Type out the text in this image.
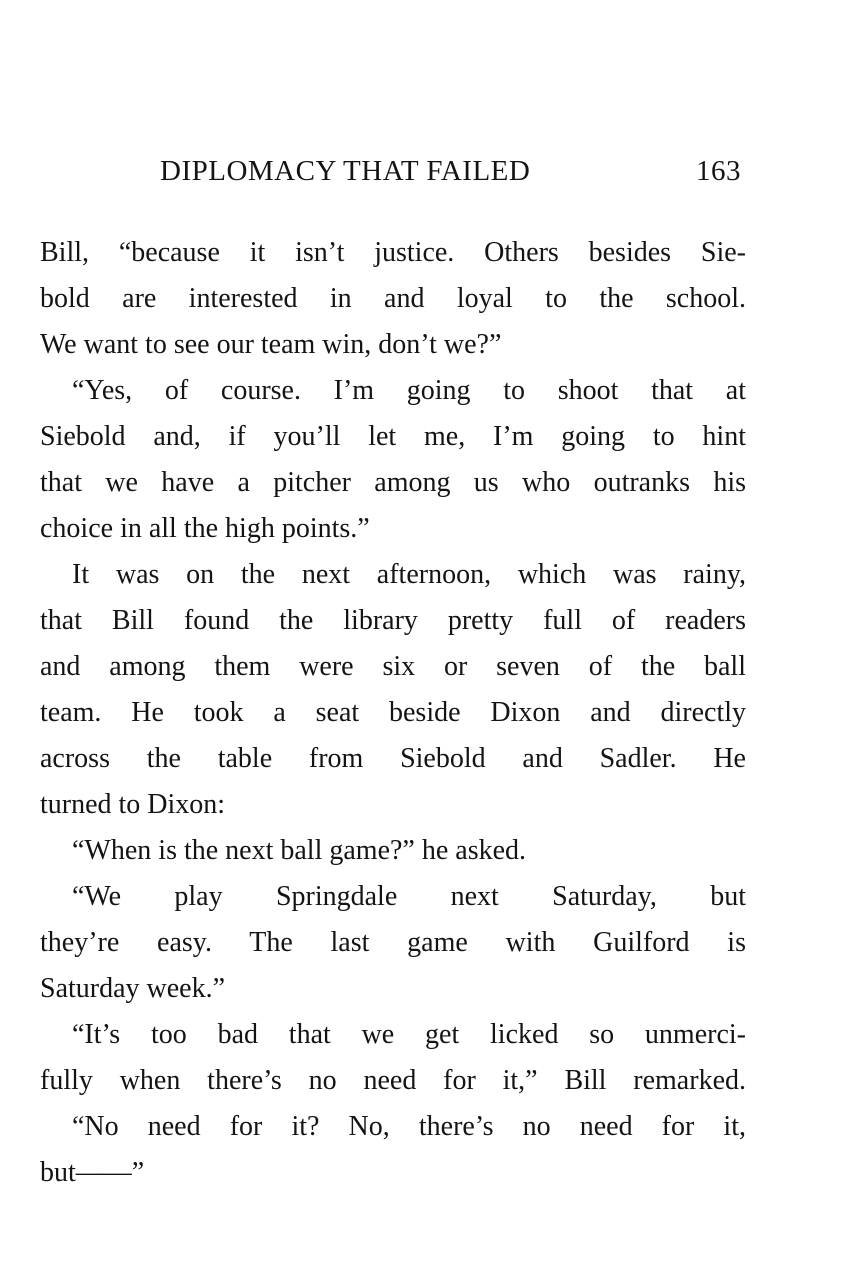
DIPLOMACY THAT FAILED	163
Bill, “because it isn’t justice. Others besides Sie-
bold are interested in and loyal to the school.
We want to see our team win, don’t we?”
“Yes, of course. I’m going to shoot that at
Siebold and, if you’ll let me, I’m going to hint
that we have a pitcher among us who outranks his
choice in all the high points.”
It was on the next afternoon, which was rainy,
that Bill found the library pretty full of readers
and among them were six or seven of the ball
team. He took a seat beside Dixon and directly
across the table from Siebold and Sadler. He
turned to Dixon:
“When is the next ball game?” he asked.
“We play Springdale next Saturday, but
they’re easy. The last game with Guilford is
Saturday week.”
“It’s too bad that we get licked so unmerci-
fully when there’s no need for it,” Bill remarked.
“No need for it? No, there’s no need for it,
but——”
